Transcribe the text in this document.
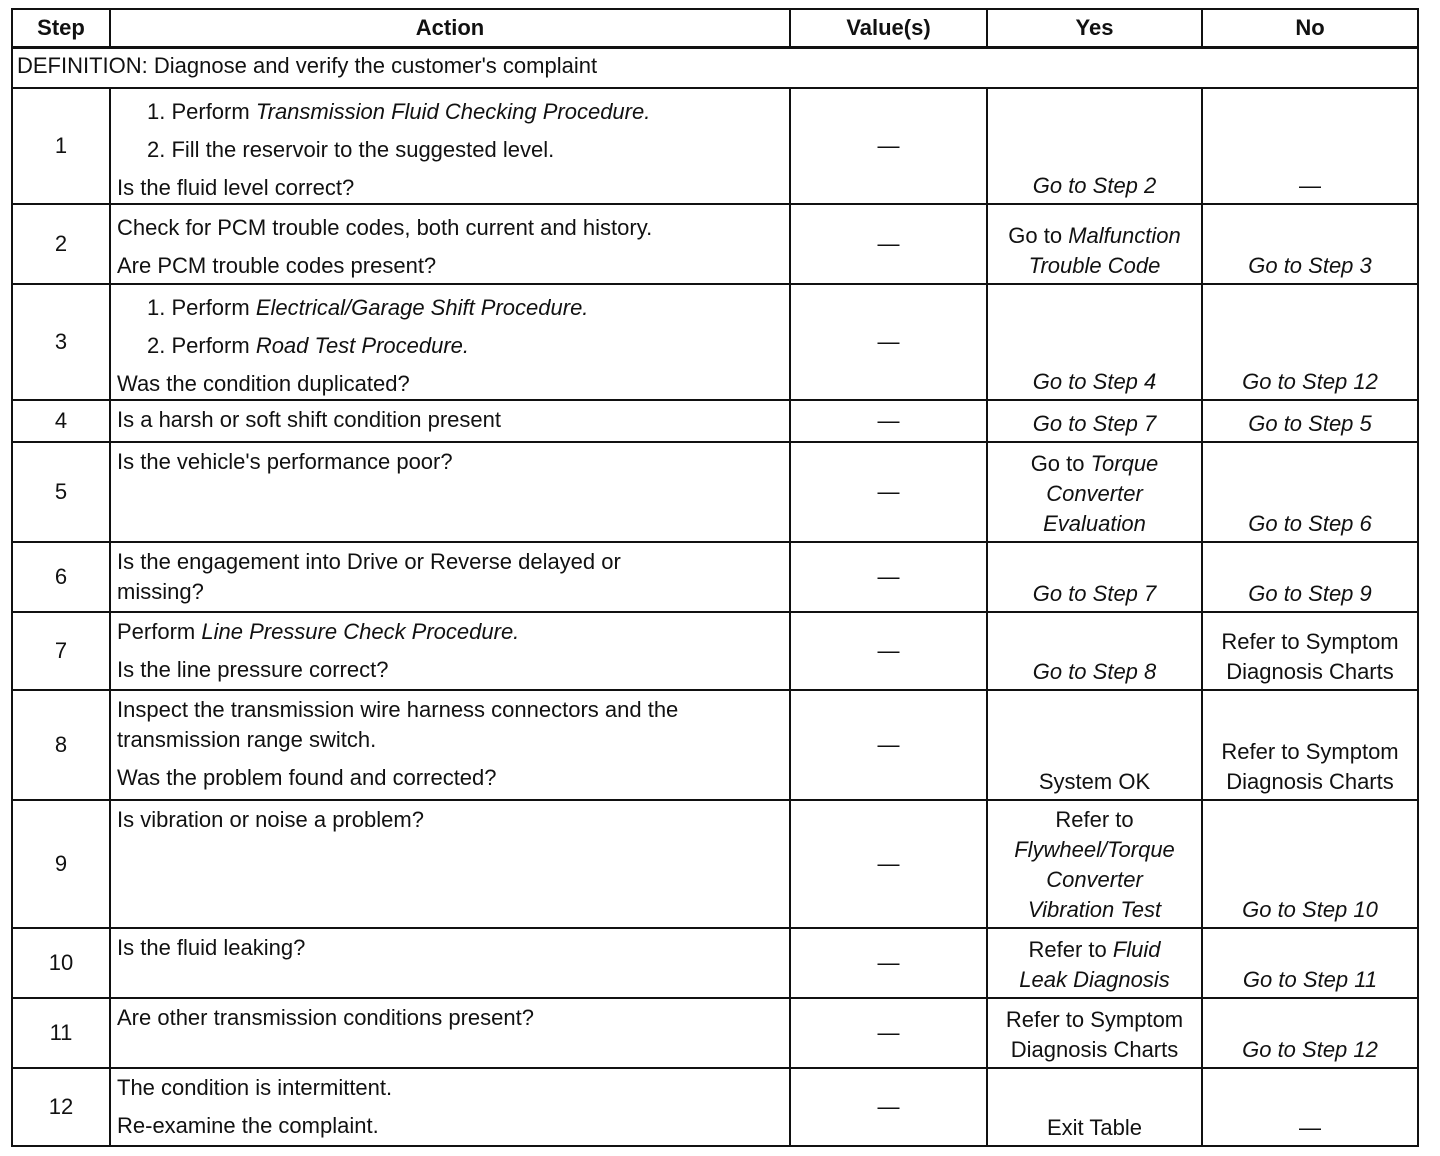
Step	Action	Value(s)	Yes	No
DEFINITION: Diagnose and verify the customer's complaint				
1	1. Perform Transmission Fluid Checking Procedure.
2. Fill the reservoir to the suggested level.
Is the fluid level correct?	—	Go to Step 2	—
2	Check for PCM trouble codes, both current and history.
Are PCM trouble codes present?	—	Go to Malfunction
Trouble Code	Go to Step 3
3	1. Perform Electrical/Garage Shift Procedure.
2. Perform Road Test Procedure.
Was the condition duplicated?	—	Go to Step 4	Go to Step 12
4	Is a harsh or soft shift condition present	—	Go to Step 7	Go to Step 5
5	Is the vehicle's performance poor?	—	Go to Torque
Converter
Evaluation	Go to Step 6
6	Is the engagement into Drive or Reverse delayed or
missing?	—	Go to Step 7	Go to Step 9
7	Perform Line Pressure Check Procedure.
Is the line pressure correct?	—	Go to Step 8	Refer to Symptom
Diagnosis Charts

8	Inspect the transmission wire harness connectors and the
transmission range switch.
Was the problem found and corrected?	—	System OK	Refer to Symptom
Diagnosis Charts

9	Is vibration or noise a problem?	—	Refer to
Flywheel/Torque
Converter
Vibration Test	Go to Step 10
10	Is the fluid leaking?	—	Refer to Fluid
Leak Diagnosis	Go to Step 11
11	Are other transmission conditions present?	—	Refer to Symptom
Diagnosis Charts	Go to Step 12
12	The condition is intermittent.
Re-examine the complaint.	—	Exit Table	—
